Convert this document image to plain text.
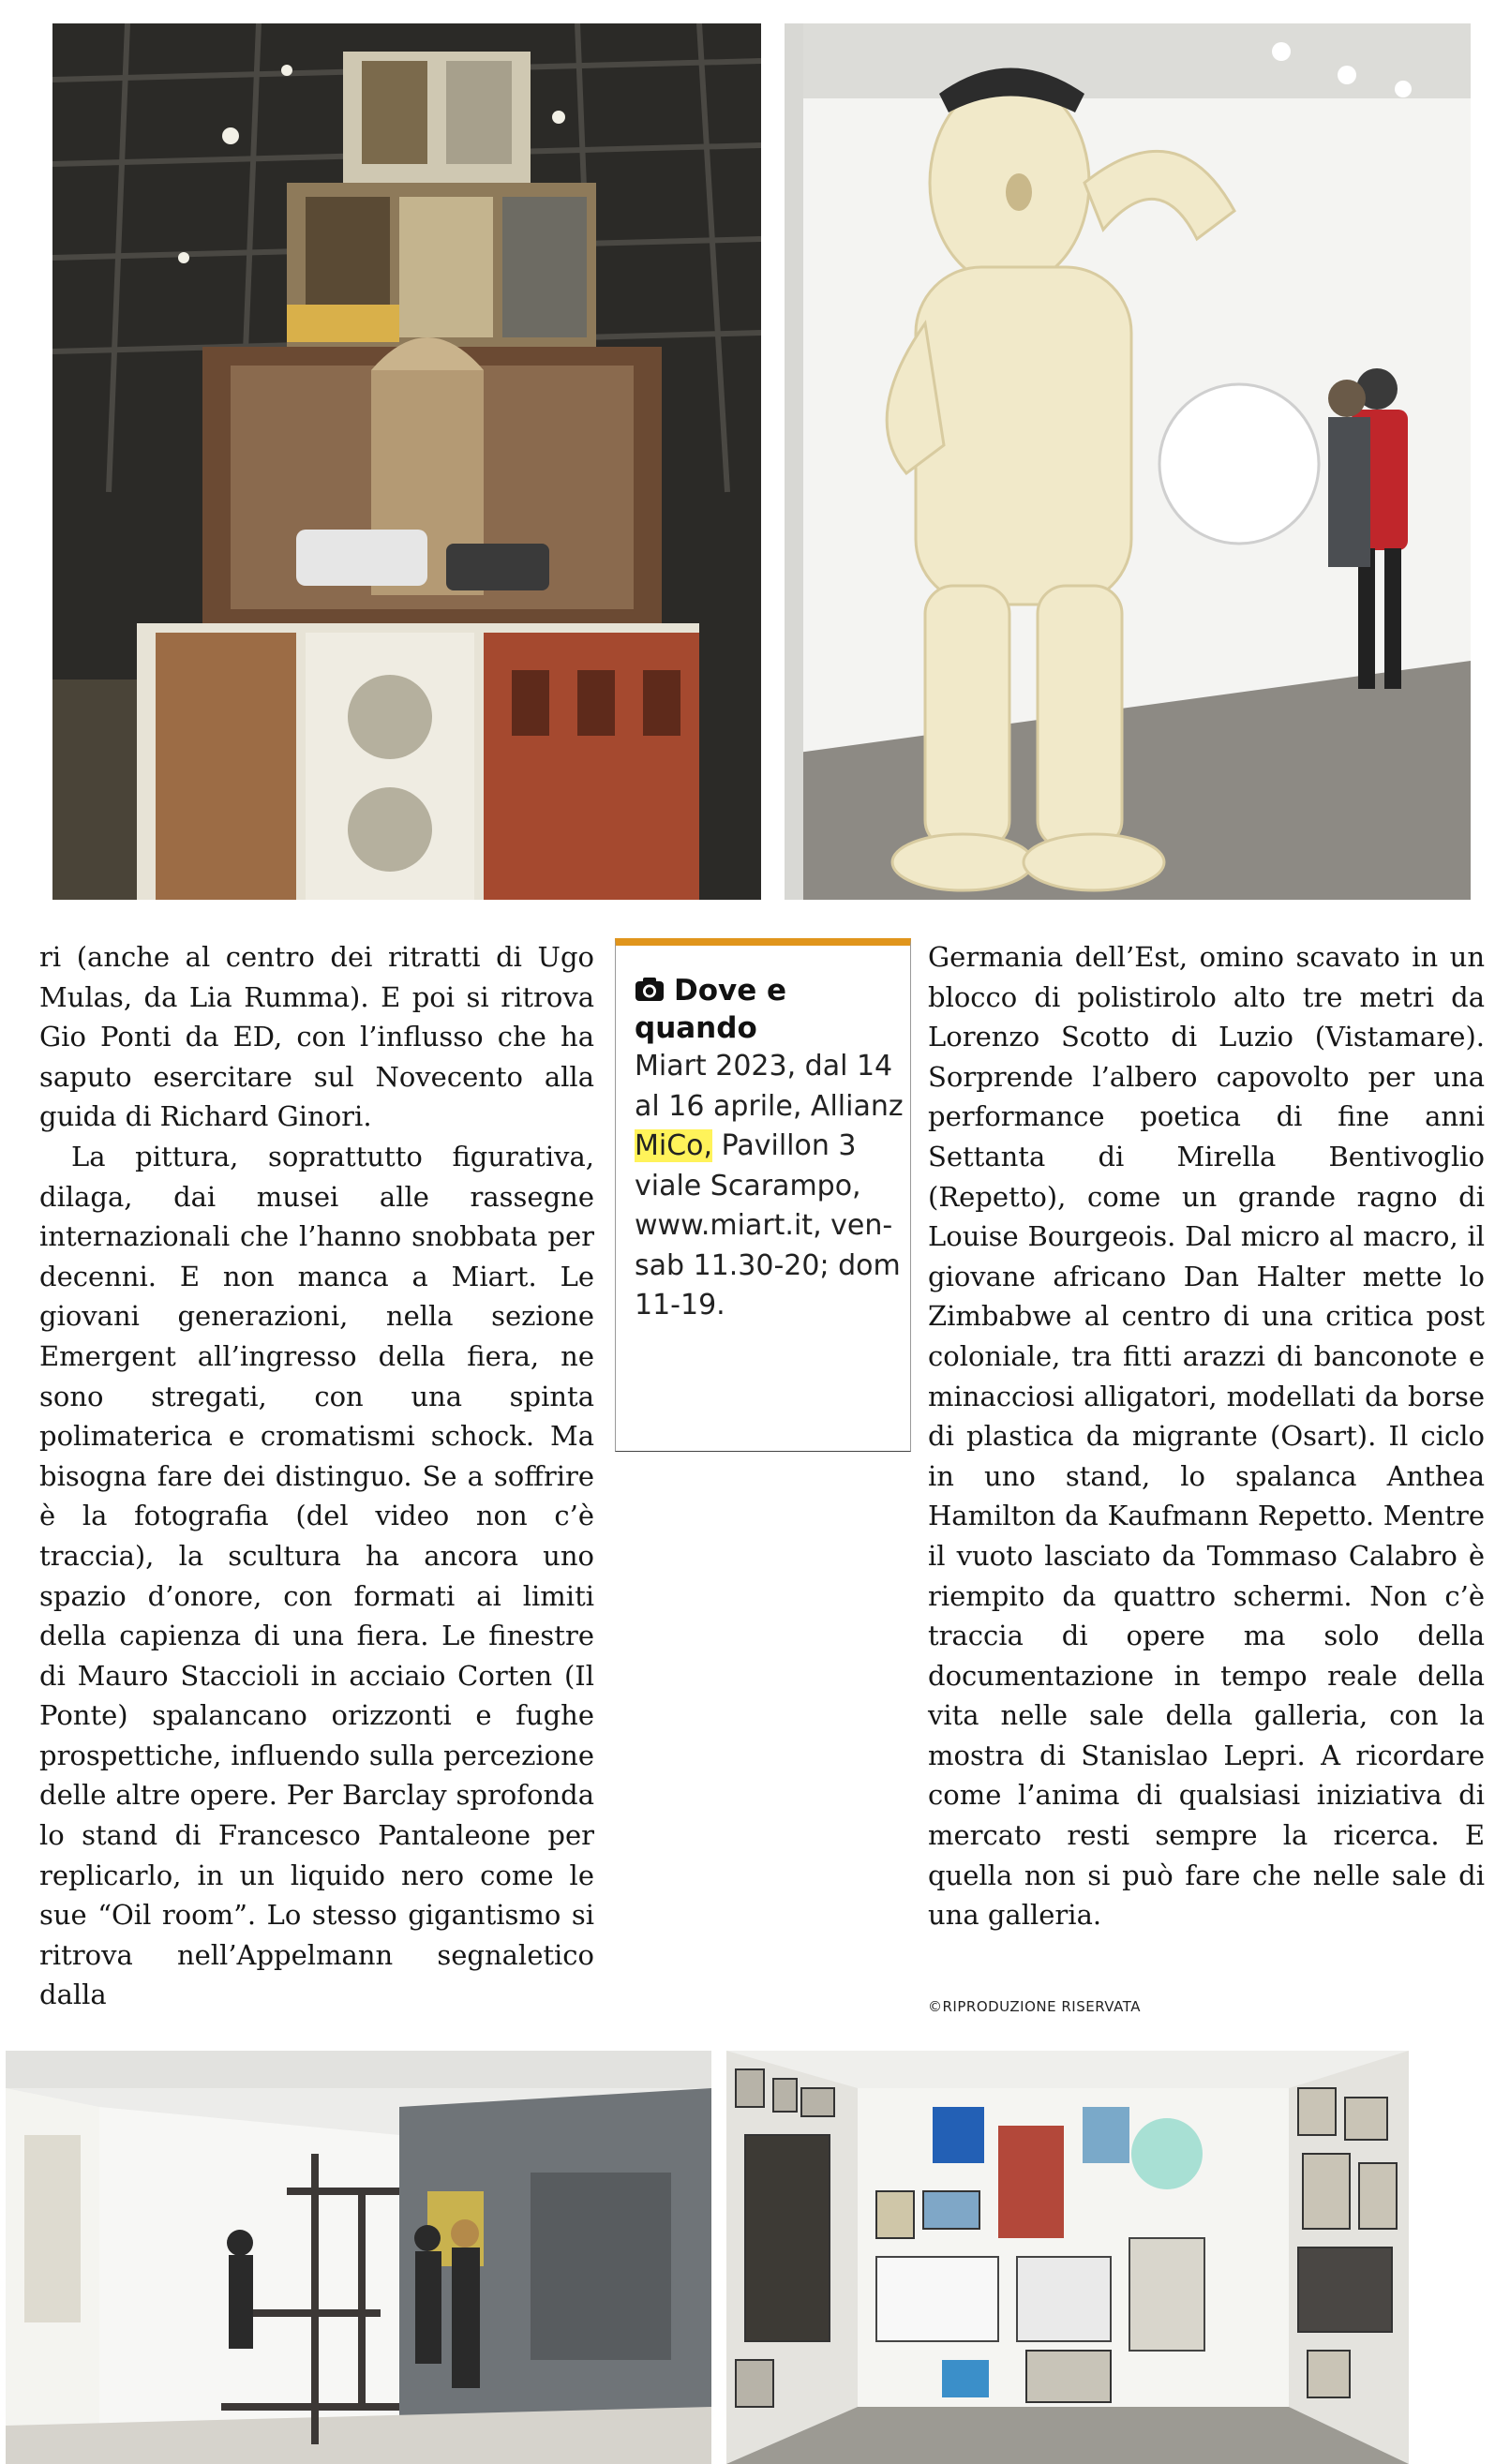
ri (anche al centro dei ritratti di Ugo Mulas, da Lia Rumma). E poi si ritrova Gio Ponti da ED, con l’influsso che ha saputo esercitare sul Novecento alla guida di Richard Ginori.

La pittura, soprattutto figurativa, dilaga, dai musei alle rassegne internazionali che l’hanno snobbata per decenni. E non manca a Miart. Le giovani generazioni, nella sezione Emergent all’ingresso della fiera, ne sono stregati, con una spinta polimaterica e cromatismi schock. Ma bisogna fare dei distinguo. Se a soffrire è la fotografia (del video non c’è traccia), la scultura ha ancora uno spazio d’onore, con formati ai limiti della capienza di una fiera. Le finestre di Mauro Staccioli in acciaio Corten (Il Ponte) spalancano orizzonti e fughe prospettiche, influendo sulla percezione delle altre opere. Per Barclay sprofonda lo stand di Francesco Pantaleone per replicarlo, in un liquido nero come le sue “Oil room”. Lo stesso gigantismo si ritrova nell’Appelmann segnaletico dalla

Dove e quando

Miart 2023, dal 14 al 16 aprile, Allianz MiCo, Pavillon 3 viale Scarampo, www.miart.it, ven-sab 11.30-20; dom 11-19.

Germania dell’Est, omino scavato in un blocco di polistirolo alto tre metri da Lorenzo Scotto di Luzio (Vistamare). Sorprende l’albero capovolto per una performance poetica di fine anni Settanta di Mirella Bentivoglio (Repetto), come un grande ragno di Louise Bourgeois. Dal micro al macro, il giovane africano Dan Halter mette lo Zimbabwe al centro di una critica post coloniale, tra fitti arazzi di banconote e minacciosi alligatori, modellati da borse di plastica da migrante (Osart). Il ciclo in uno stand, lo spalanca Anthea Hamilton da Kaufmann Repetto. Mentre il vuoto lasciato da Tommaso Calabro è riempito da quattro schermi. Non c’è traccia di opere ma solo della documentazione in tempo reale della vita nelle sale della galleria, con la mostra di Stanislao Lepri. A ricordare come l’anima di qualsiasi iniziativa di mercato resti sempre la ricerca. E quella non si può fare che nelle sale di una galleria.

©RIPRODUZIONE RISERVATA
